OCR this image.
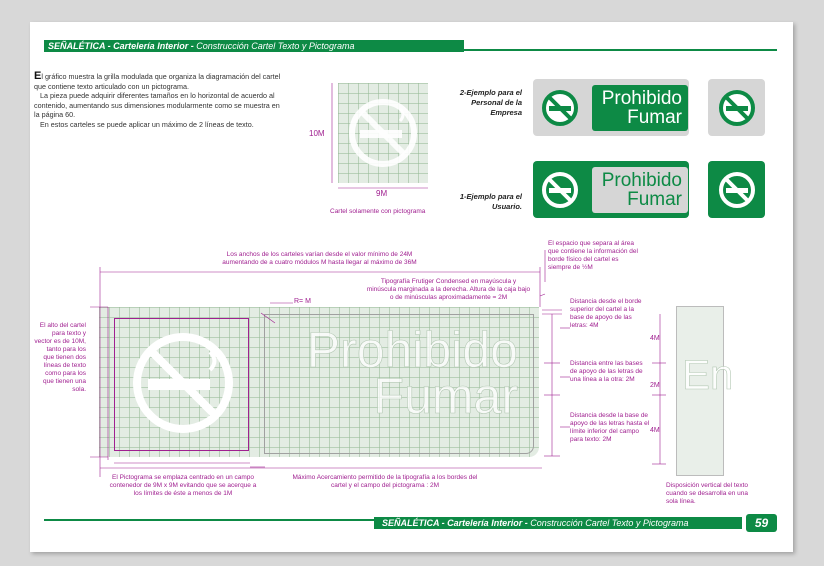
SEÑALÉTICA - Cartelería Interior - Construcción Cartel Texto y Pictograma

El gráfico muestra la grilla modulada que organiza la diagramación del cartel que contiene texto articulado con un pictograma.

La pieza puede adquirir diferentes tamaños en lo horizontal de acuerdo al contenido, aumentando sus dimensiones modularmente como se muestra en la página 60.

En estos carteles se puede aplicar un máximo de 2 líneas de texto.

10M
9M
Cartel solamente con pictograma
2-Ejemplo para el Personal de la Empresa
Prohibido
Fumar
1-Ejemplo para el Usuario.
Prohibido
Fumar
Prohibido
Fumar
Los anchos de los carteles varían desde el valor mínimo de 24M aumentando de a cuatro módulos M hasta llegar al máximo de 36M
Tipografía Frutiger Condensed en mayúscula y minúscula marginada a la derecha. Altura de la caja bajo o de minúsculas aproximadamente = 2M
El espacio que separa al área que contiene la información del borde físico del cartel es siempre de ½M
R= M
El alto del cartel para texto y vector es de 10M, tanto para los que tienen dos líneas de texto como para los que tienen una sola.
Distancia desde el borde superior del cartel a la base de apoyo de las letras: 4M
Distancia entre las bases de apoyo de las letras de una línea a la otra: 2M
Distancia desde la base de apoyo de las letras hasta el límite inferior del campo para texto: 2M
El Pictograma se emplaza centrado en un campo contenedor de 9M x 9M evitando que se acerque a los límites de éste a menos de 1M
Máximo Acercamiento permitido de la tipografía a los bordes del cartel y el campo del pictograma : 2M
En
4M
2M
4M
Disposición vertical del texto cuando se desarrolla en una sola línea.
SEÑALÉTICA - Cartelería Interior - Construcción Cartel Texto y Pictograma	59
